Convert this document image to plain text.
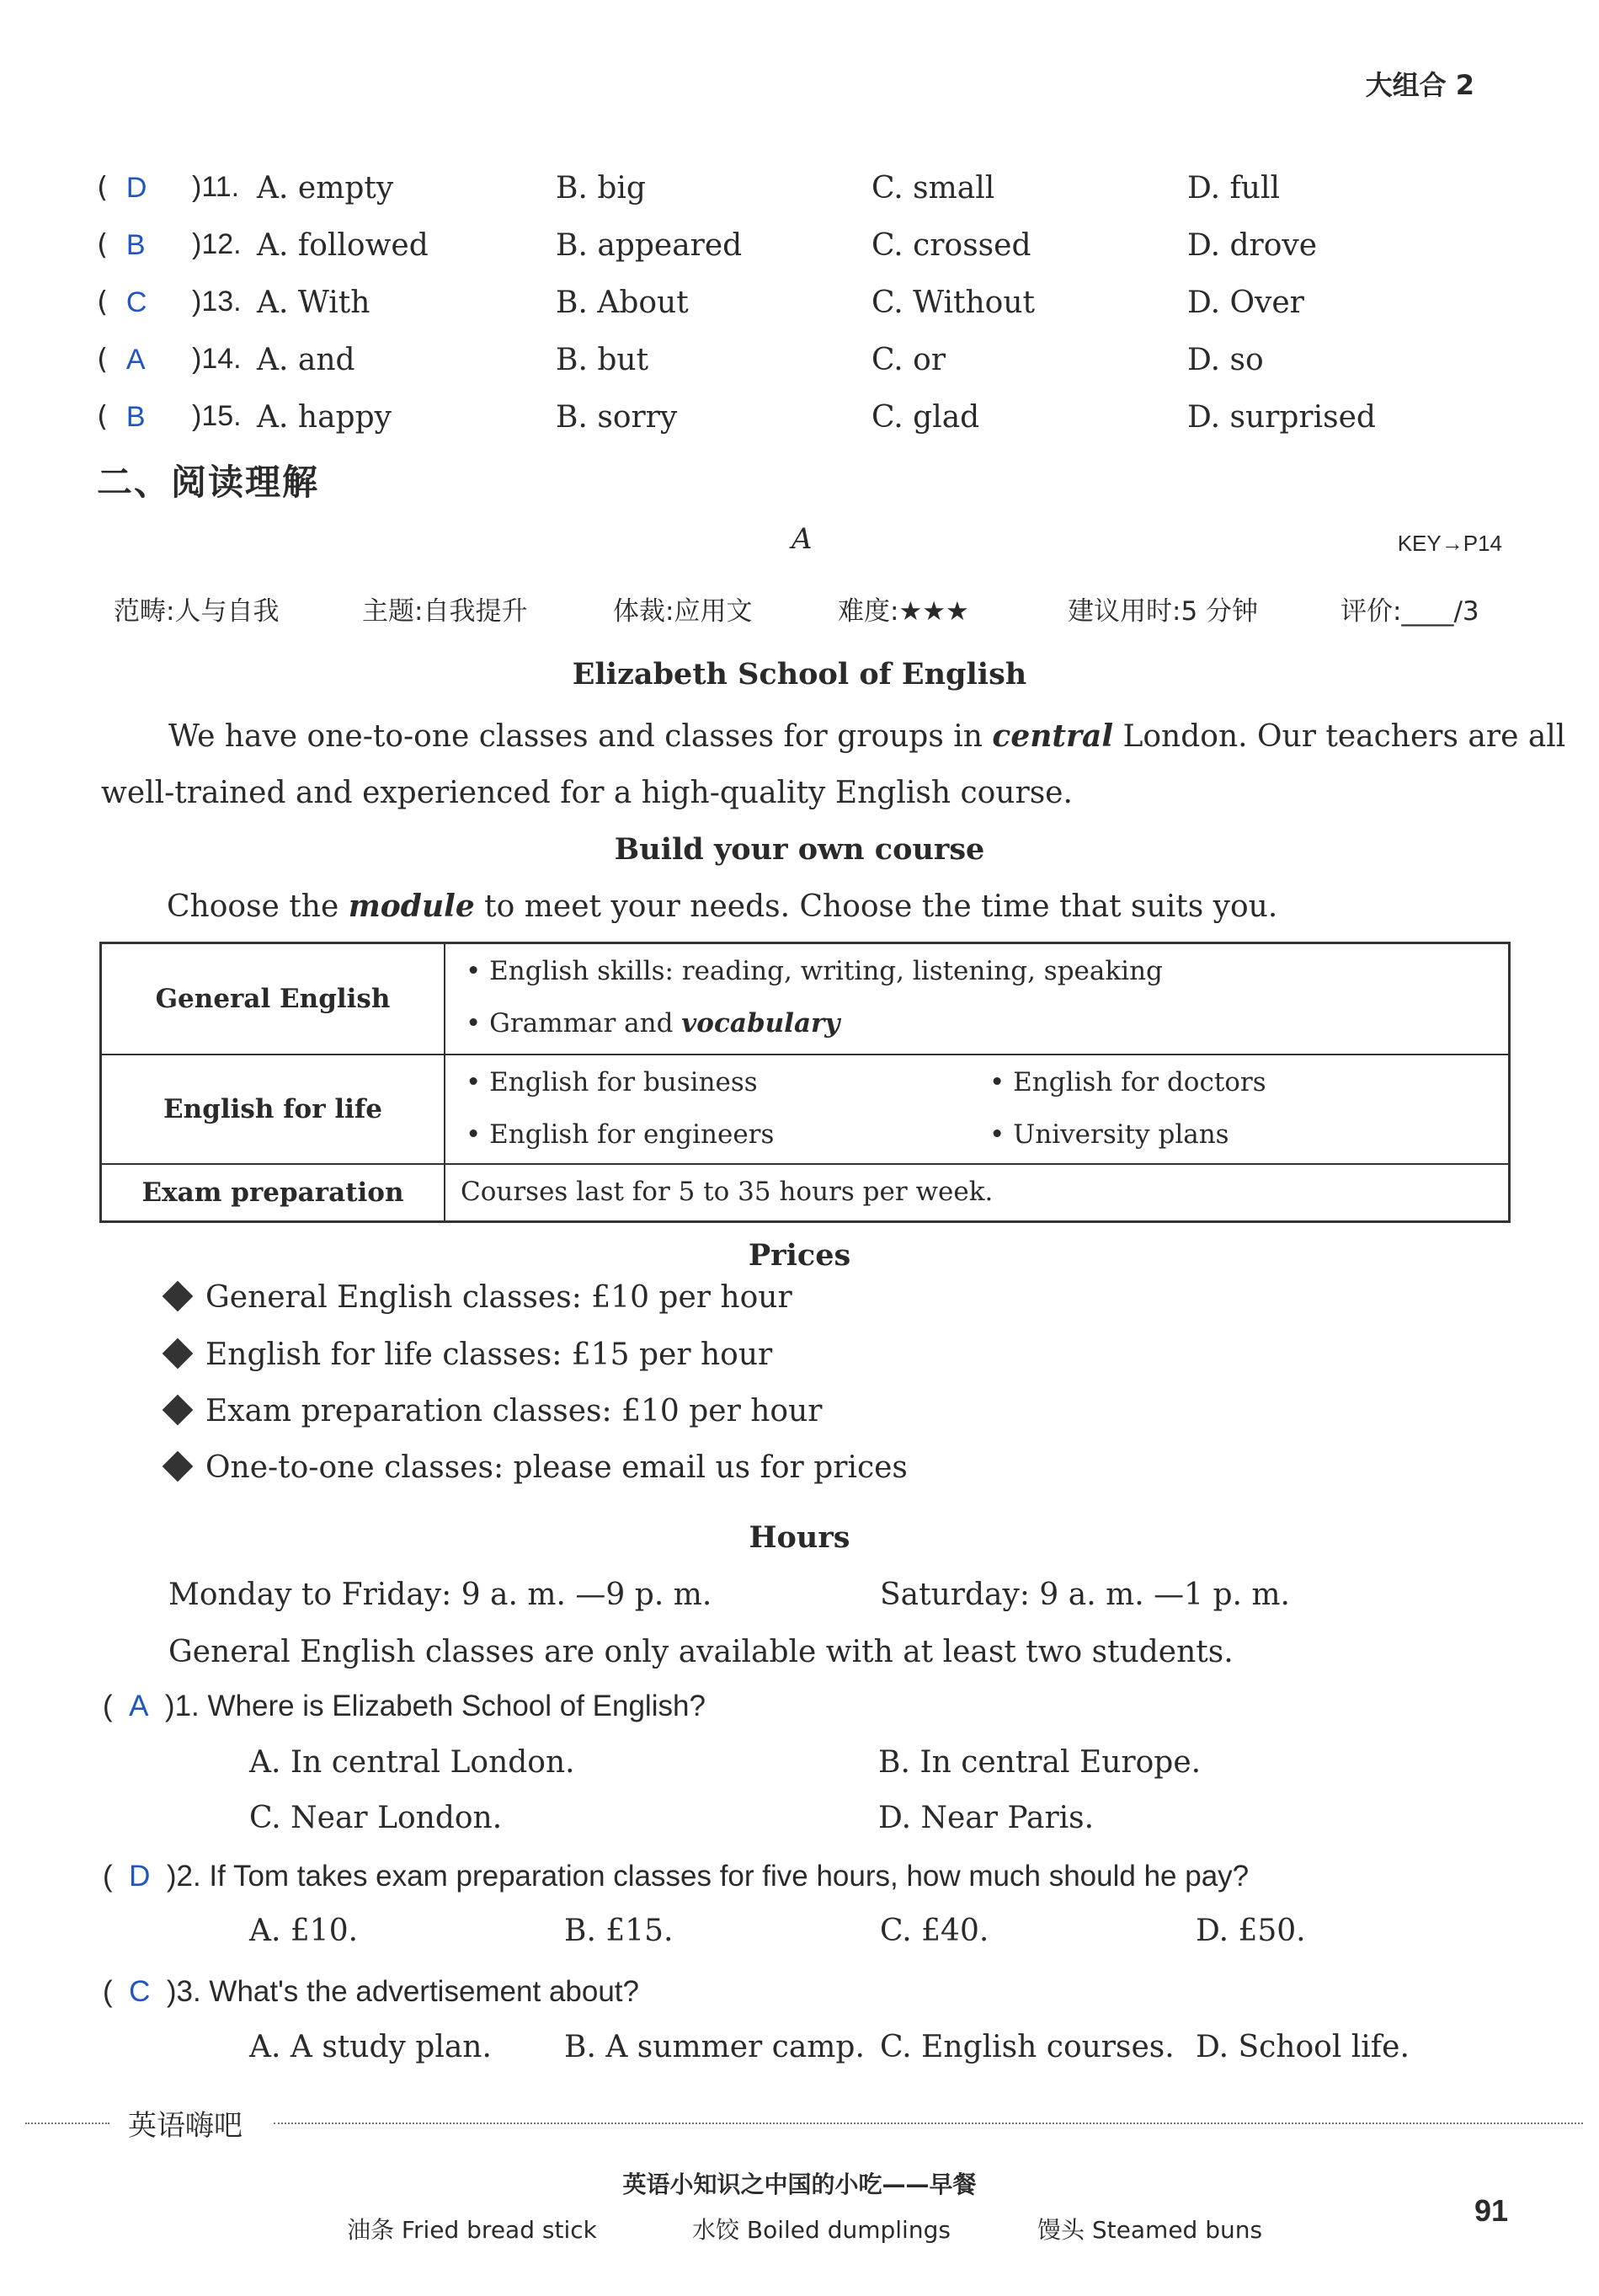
大组合 2
(  D )11. A. empty	B. big	C. small	D. full
(  B )12. A. followed	B. appeared	C. crossed	D. drove
(  C )13. A. With	B. About	C. Without	D. Over
(  A )14. A. and	B. but	C. or	D. so
(  B )15. A. happy	B. sorry	C. glad	D. surprised
二、阅读理解
A	KEY→P14
范畴:人与自我	主题:自我提升	体裁:应用文	难度:★★★	建议用时:5 分钟	评价:____/3
Elizabeth School of English
We have one-to-one classes and classes for groups in central London. Our teachers are all
well-trained and experienced for a high-quality English course.
Build your own course
Choose the module to meet your needs. Choose the time that suits you.
General English	• English skills: reading, writing, listening, speaking
• Grammar and vocabulary

English for life	• English for business • English for doctors
• English for engineers • University plans

Exam preparation	Courses last for 5 to 35 hours per week.
Prices
General English classes: £10 per hour
English for life classes: £15 per hour
Exam preparation classes: £10 per hour
One-to-one classes: please email us for prices
Hours
Monday to Friday: 9 a. m. —9 p. m.	Saturday: 9 a. m. —1 p. m.
General English classes are only available with at least two students.
(  A )1. Where is Elizabeth School of English?
A. In central London.	B. In central Europe.
C. Near London.	D. Near Paris.
(  D )2. If Tom takes exam preparation classes for five hours, how much should he pay?
A. £10.	B. £15.	C. £40.	D. £50.
(  C )3. What's the advertisement about?
A. A study plan. B. A summer camp. C. English courses. D. School life.
英语嗨吧
英语小知识之中国的小吃——早餐
油条 Fried bread stick	水饺 Boiled dumplings	馒头 Steamed buns
91
